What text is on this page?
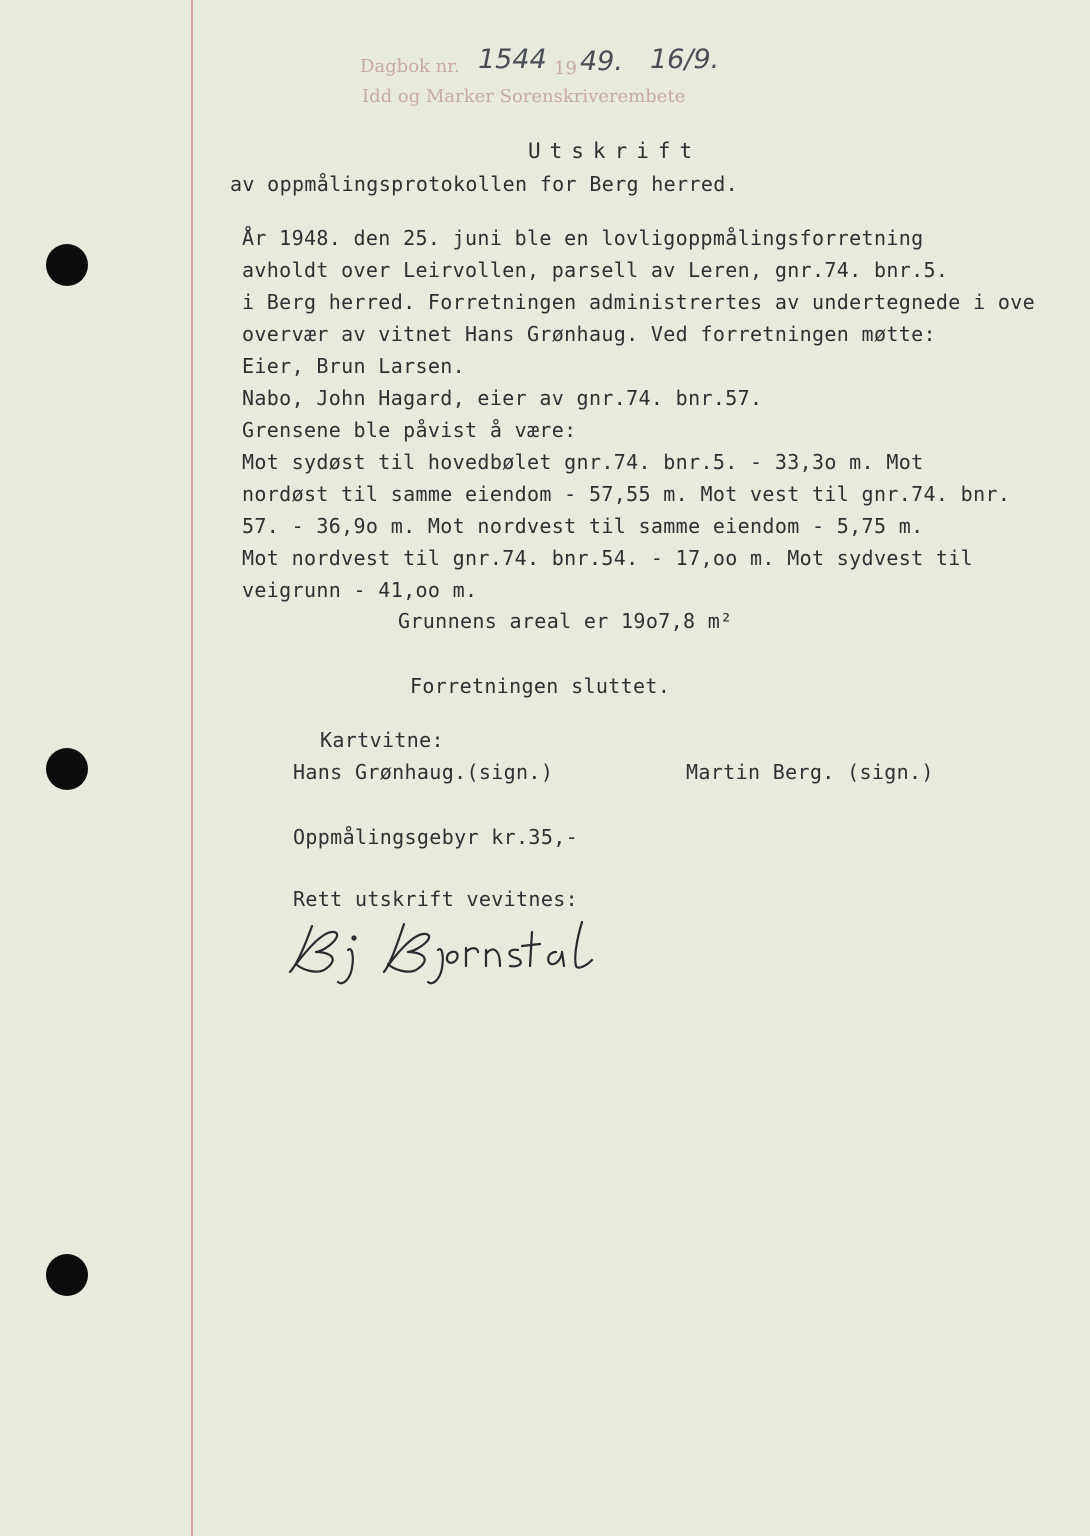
Dagbok nr. 1544 19 49. 16/9.
Idd og Marker Sorenskriverembete
Utskrift
av oppmålingsprotokollen for Berg herred.
År 1948. den 25. juni ble en lovligoppmålingsforretning
avholdt over Leirvollen, parsell av Leren, gnr.74. bnr.5.
i Berg herred. Forretningen administrertes av undertegnede i ove
overvær av vitnet Hans Grønhaug. Ved forretningen møtte:
Eier, Brun Larsen.
Nabo, John Hagard, eier av gnr.74. bnr.57.
Grensene ble påvist å være:
Mot sydøst til hovedbølet gnr.74. bnr.5. - 33,3o m. Mot
nordøst til samme eiendom - 57,55 m. Mot vest til gnr.74. bnr.
57. - 36,9o m. Mot nordvest til samme eiendom - 5,75 m.
Mot nordvest til gnr.74. bnr.54. - 17,oo m. Mot sydvest til
veigrunn - 41,oo m.
Grunnens areal er 19o7,8 m²
Forretningen sluttet.
Kartvitne:
Hans Grønhaug.(sign.)	Martin Berg. (sign.)
Oppmålingsgebyr kr.35,-
Rett utskrift vevitnes:
